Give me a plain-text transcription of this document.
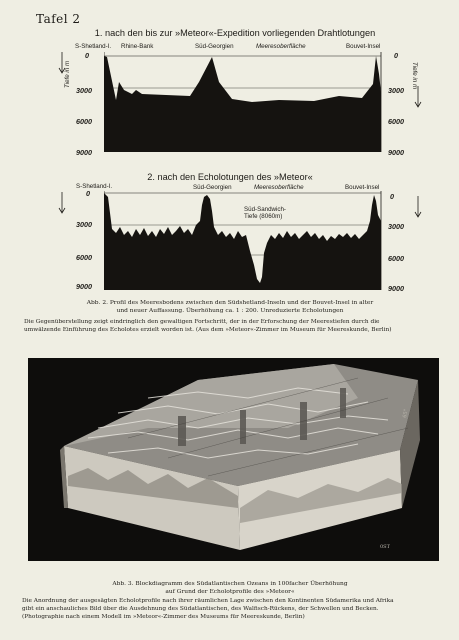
Tafel 2
1. nach den bis zur »Meteor«-Expedition vorliegenden Drahtlotungen
S-Shetland-I. Rhine-Bank	Süd-Georgien	Meeresoberfläche	Bouvet-Insel
0
3000
6000
9000
0
3000
6000
9000
Tiefe in m	Tiefe in m
2. nach den Echolotungen des »Meteor«
S-Shetland-I.	Süd-Georgien	Meeresoberfläche	Bouvet-Insel
Süd-Sandwich-
Tiefe (8060m)
0
3000
6000
9000
0
3000
6000
9000
Abb. 2. Profil des Meeresbodens zwischen den Südshetland-Inseln und der Bouvet-Insel in alter
und neuer Auffassung. Überhöhung ca. 1 : 200. Unreduzierte Echolotungen
Die Gegenüberstellung zeigt eindringlich den gewaltigen Fortschritt, der in der Erforschung der Meerestiefen durch die
umwälzende Einführung des Echolotes erzielt worden ist. (Aus dem »Meteor«-Zimmer im Museum für Meereskunde, Berlin)
65°
0ST
Abb. 3. Blockdiagramm des Südatlantischen Ozeans in 100facher Überhöhung
auf Grund der Echolotprofile des »Meteor«
Die Anordnung der ausgesägten Echolotprofile nach ihrer räumlichen Lage zwischen den Kontinenten Südamerika und Afrika
gibt ein anschauliches Bild über die Ausdehnung des Südatlantischen, des Walfisch-Rückens, der Schwellen und Becken.
(Photographie nach einem Modell im »Meteor«-Zimmer des Museums für Meereskunde, Berlin)
